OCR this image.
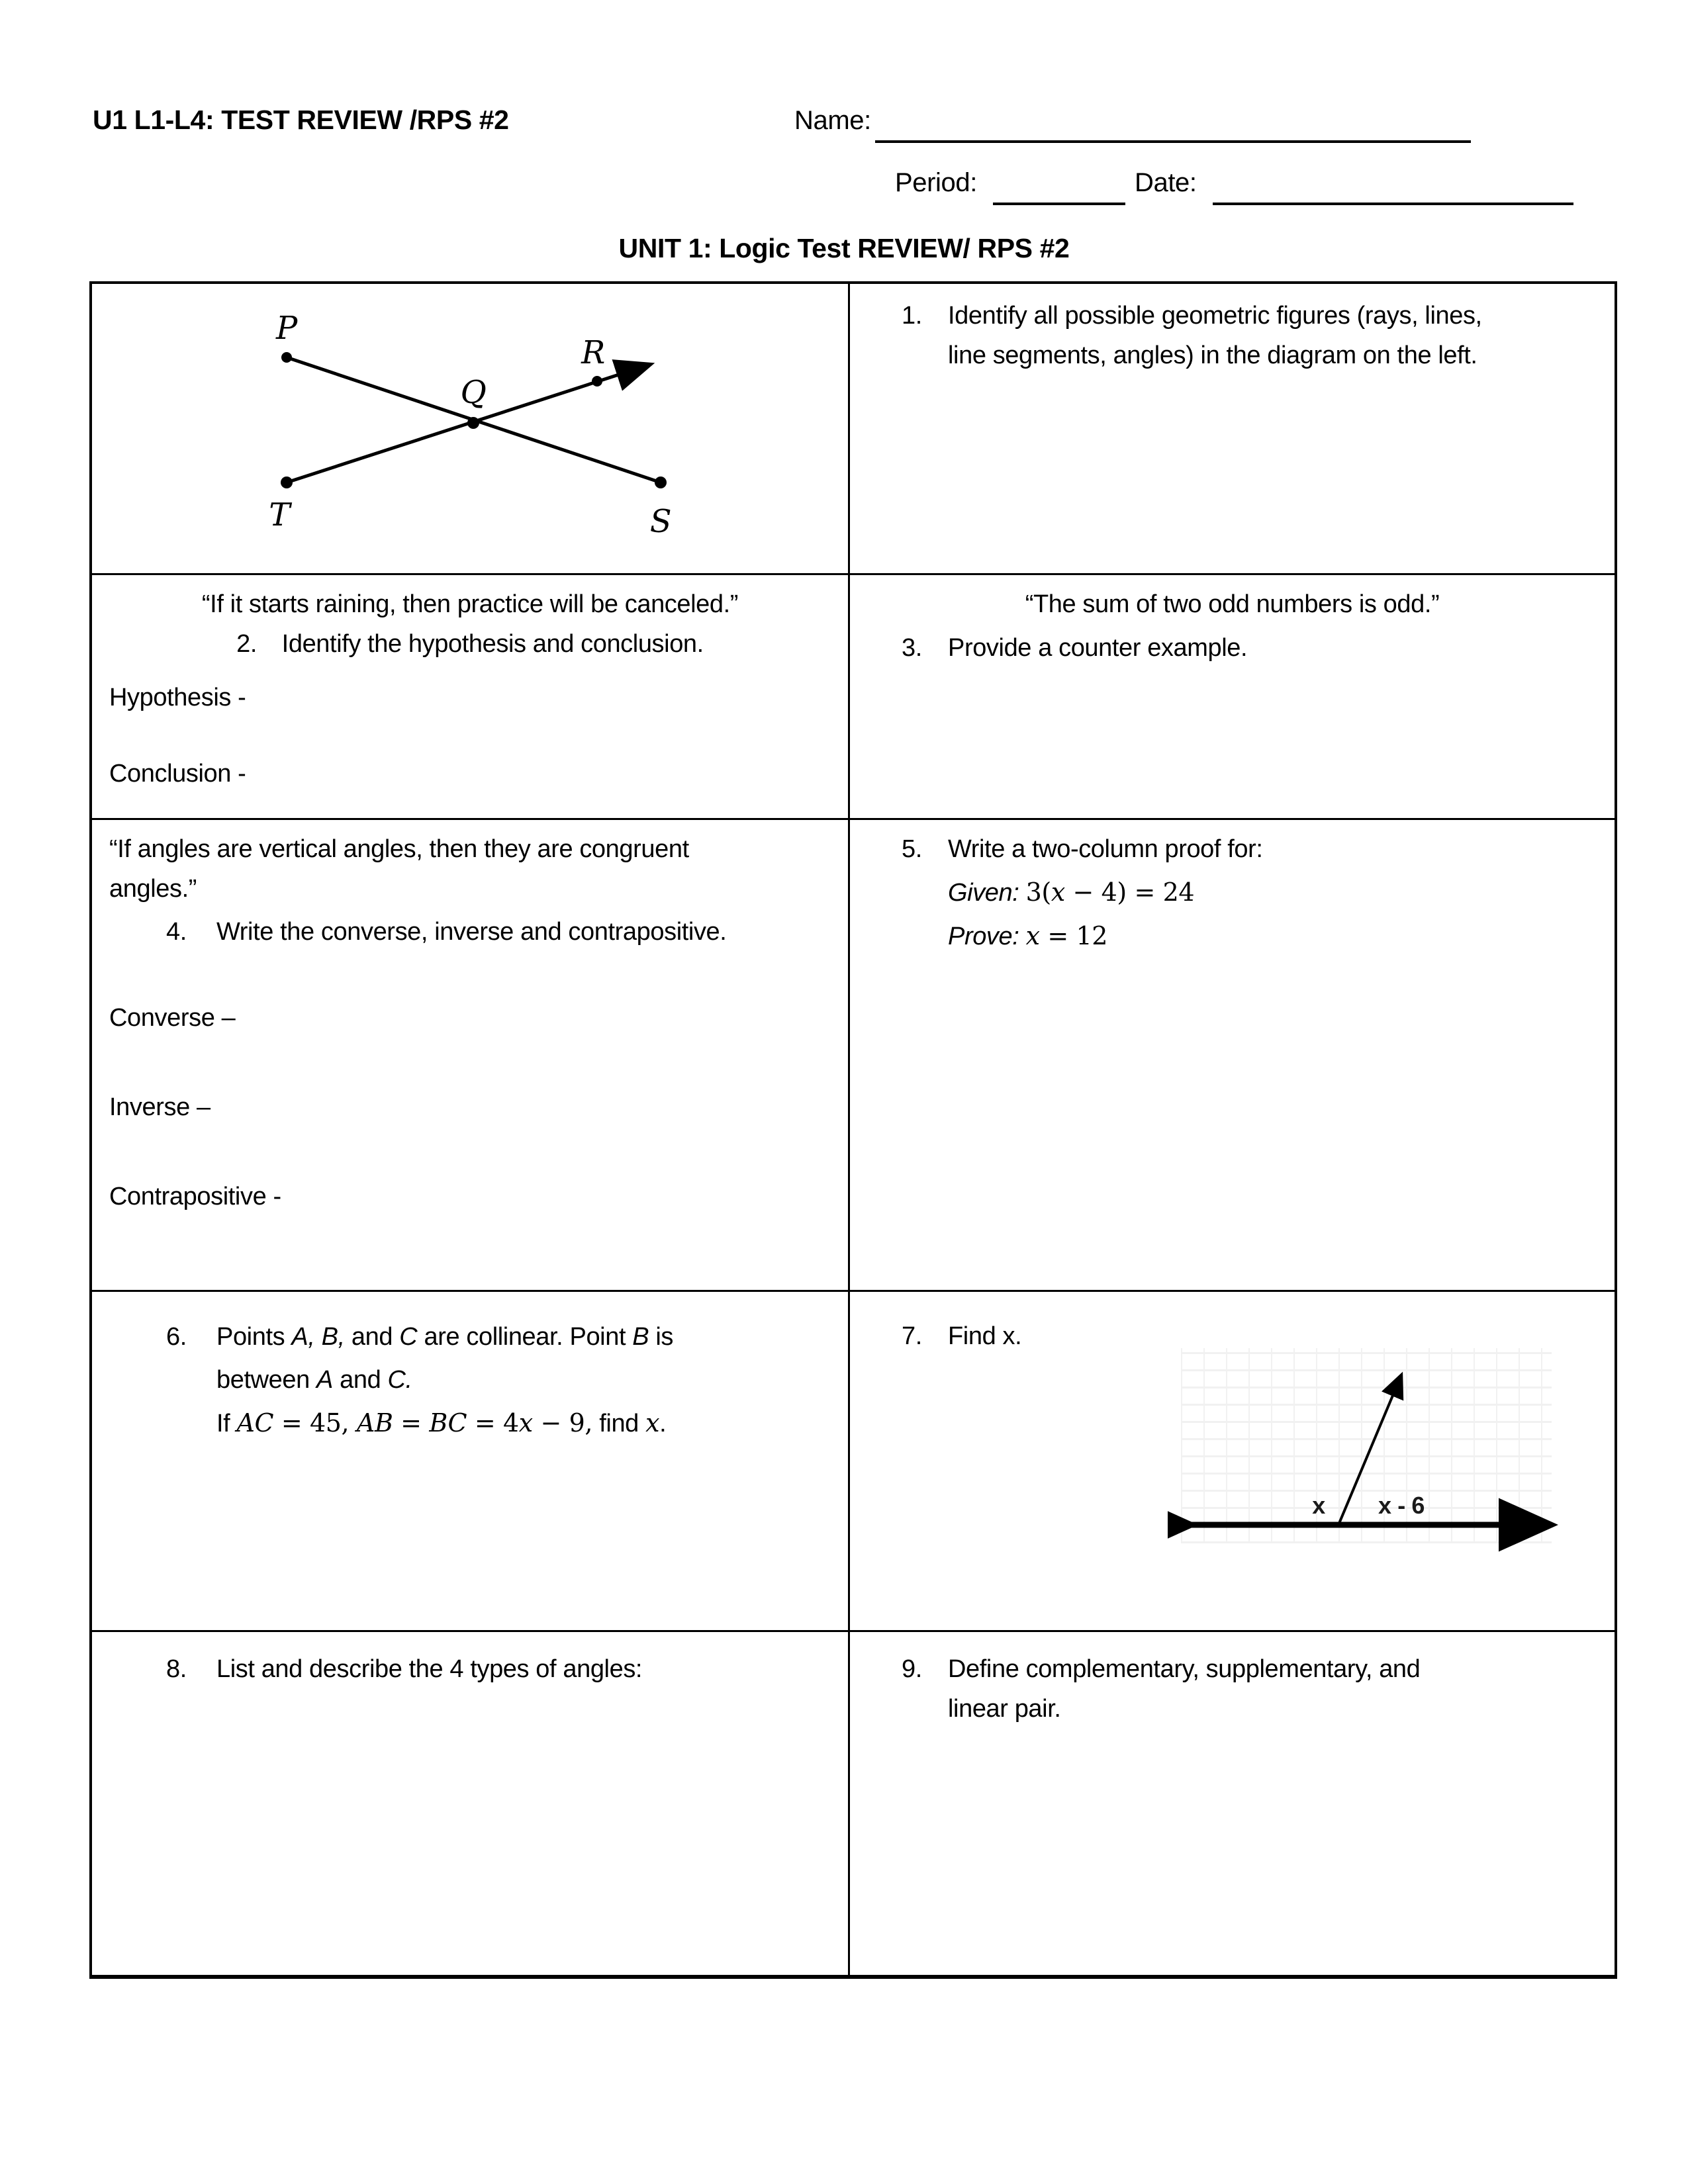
U1 L1-L4: TEST REVIEW /RPS #2	Name:
Period:	Date:
UNIT 1: Logic Test REVIEW/ RPS #2
P
Q
R
T	S
1.	Identify all possible geometric figures (rays, lines,
line segments, angles) in the diagram on the left.
“If it starts raining, then practice will be canceled.”
2.  Identify the hypothesis and conclusion.
Hypothesis -
Conclusion -
“The sum of two odd numbers is odd.”
3.	Provide a counter example.
“If angles are vertical angles, then they are congruent
angles.”
4.	Write the converse, inverse and contrapositive.
Converse –
Inverse –
Contrapositive -
5.	Write a two-column proof for:
Given: 3(x − 4) = 24
Prove: x = 12
6.	Points A, B, and C are collinear. Point B is
between A and C.
If AC = 45, AB = BC = 4x − 9, find x.
7.	Find x.
x x - 6
8.	List and describe the 4 types of angles:	9.	Define complementary, supplementary, and
linear pair.
